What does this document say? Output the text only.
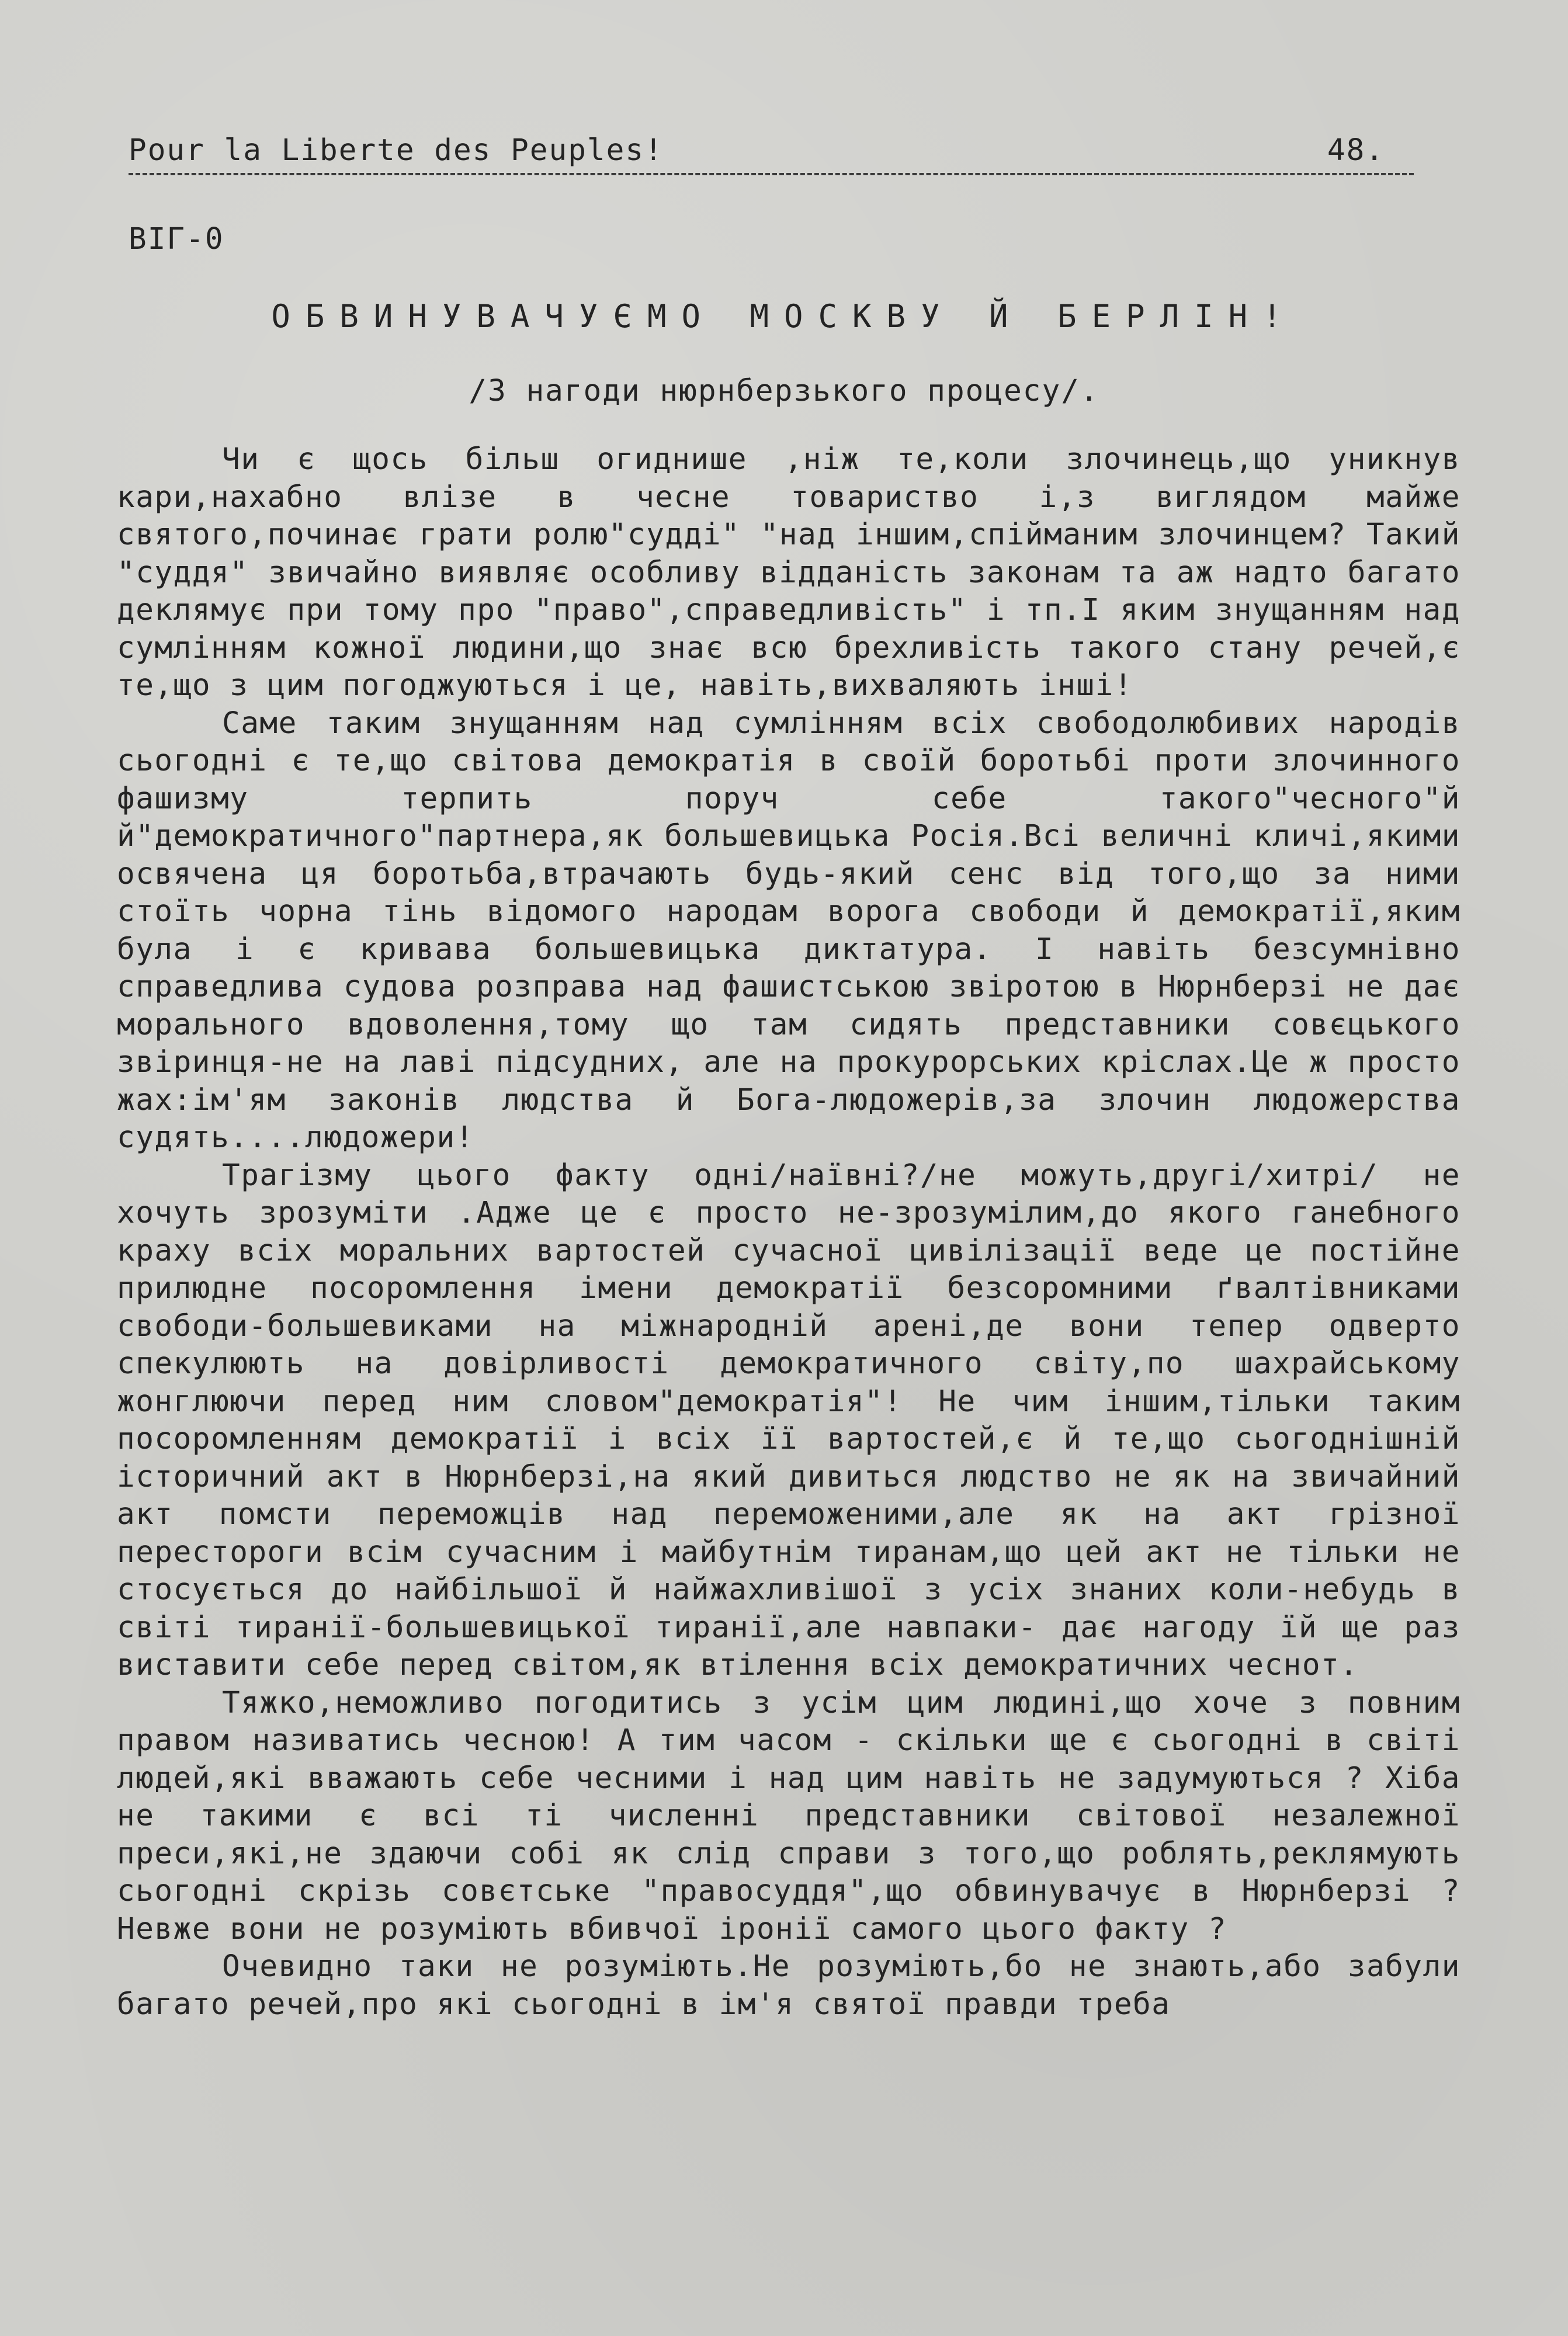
Pour la Liberte des Peuples!	48.
ВІГ-0
ОБВИНУВАЧУЄМО МОСКВУ Й БЕРЛІН!
/З нагоди нюрнберзького процесу/.

Чи є щось більш огиднише ,ніж те,коли злочинець,що уникнув кари,нахабно влізе в чесне товариство і,з виглядом майже святого,починає грати ролю"судді" "над іншим,спійманим злочинцем? Такий "суддя" звичайно виявляє особливу відданість законам та аж надто багато деклямує при тому про "право",справедливість" і тп.І яким знущанням над сумлінням кожної людини,що знає всю брехливість такого стану речей,є те,що з цим погоджуються і це, навіть,вихваляють інші!

Саме таким знущанням над сумлінням всіх свободолюбивих народів сьогодні є те,що світова демократія в своїй боротьбі проти злочинного фашизму терпить поруч себе такого"чесного"й й"демократичного"партнера,як большевицька Росія.Всі величні кличі,якими освячена ця боротьба,втрачають будь-який сенс від того,що за ними стоїть чорна тінь відомого народам ворога свободи й демократії,яким була і є кривава большевицька диктатура. І навіть безсумнівно справедлива судова розправа над фашистською звіротою в Нюрнберзі не дає морального вдоволення,тому що там сидять представники совєцького звіринця-не на лаві підсудних, але на прокурорських кріслах.Це ж просто жах:ім'ям законів людства й Бога-людожерів,за злочин людожерства судять....людожери!

Трагізму цього факту одні/наївні?/не можуть,другі/хитрі/ не хочуть зрозуміти .Адже це є просто не-зрозумілим,до якого ганебного краху всіх моральних вартостей сучасної цивілізації веде це постійне прилюдне посоромлення імени демократії безсоромними ґвалтівниками свободи-большевиками на міжнародній арені,де вони тепер одверто спекулюють на довірливості демократичного світу,по шахрайському жонглюючи перед ним словом"демократія"! Не чим іншим,тільки таким посоромленням демократії і всіх її вартостей,є й те,що сьогоднішній історичний акт в Нюрнберзі,на який дивиться людство не як на звичайний акт помсти переможців над переможеними,але як на акт грізної перестороги всім сучасним і майбутнім тиранам,що цей акт не тільки не стосується до найбільшої й найжахливішої з усіх знаних коли-небудь в світі тиранії-большевицької тиранії,але навпаки- дає нагоду їй ще раз виставити себе перед світом,як втілення всіх демократичних чеснот.

Тяжко,неможливо погодитись з усім цим людині,що хоче з повним правом називатись чесною! А тим часом - скільки ще є сьогодні в світі людей,які вважають себе чесними і над цим навіть не задумуються ? Хіба не такими є всі ті численні представники світової незалежної преси,які,не здаючи собі як слід справи з того,що роблять,реклямують сьогодні скрізь совєтське "правосуддя",що обвинувачує в Нюрнберзі ? Невже вони не розуміють вбивчої іронії самого цього факту ?

Очевидно таки не розуміють.Не розуміють,бо не знають,або забули багато речей,про які сьогодні в ім'я святої правди треба
